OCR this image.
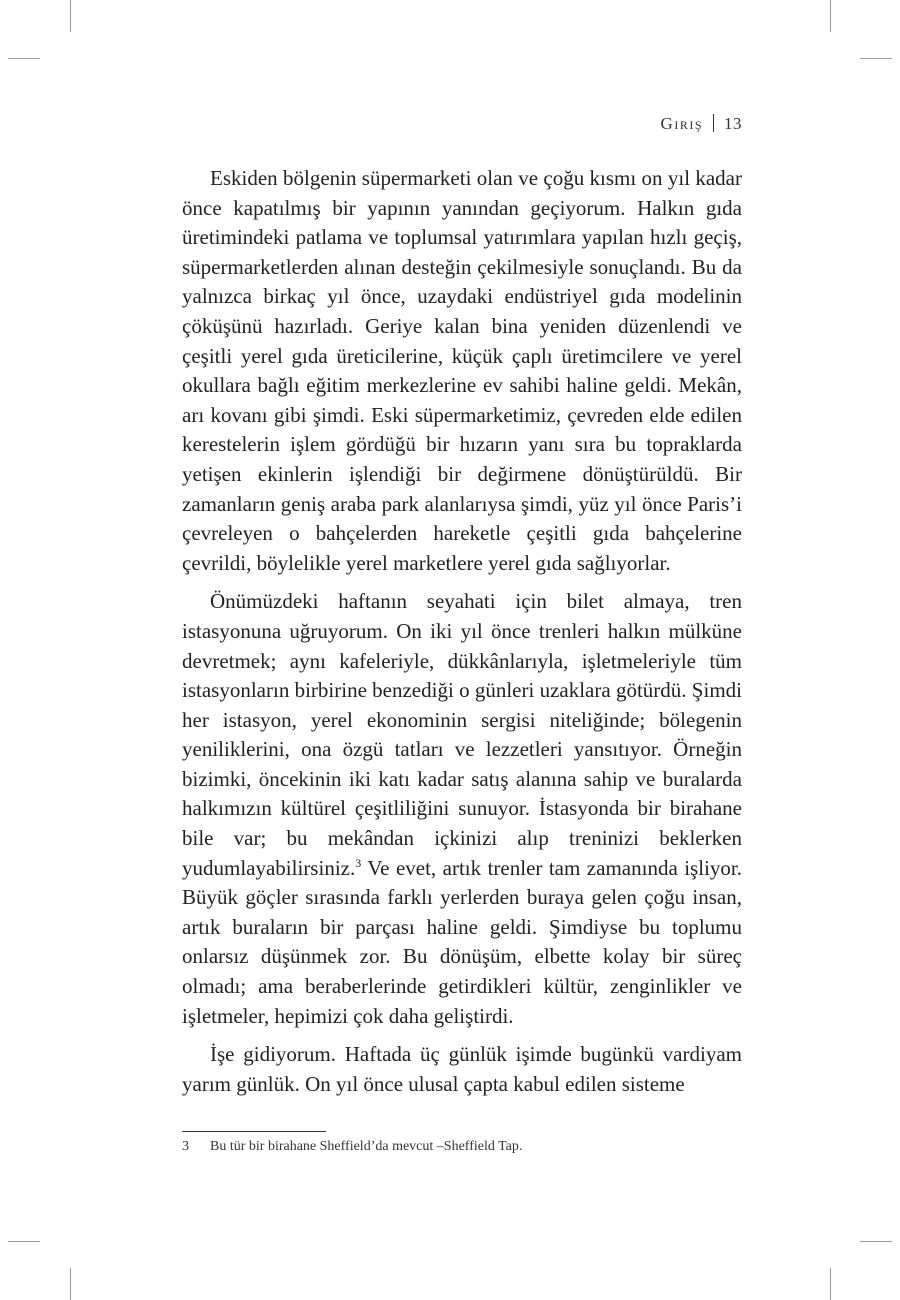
Giriş 13

Eskiden bölgenin süpermarketi olan ve çoğu kısmı on yıl kadar önce kapatılmış bir yapının yanından geçiyorum. Halkın gıda üretimindeki patlama ve toplumsal yatırımlara yapılan hızlı geçiş, süpermarketlerden alınan desteğin çekilmesiyle sonuçlandı. Bu da yalnızca birkaç yıl önce, uzaydaki endüstriyel gıda modelinin çöküşünü hazırladı. Geriye kalan bina yeniden düzenlendi ve çeşitli yerel gıda üreticilerine, küçük çaplı üretimcilere ve yerel okullara bağlı eğitim merkezlerine ev sahibi haline geldi. Mekân, arı kovanı gibi şimdi. Eski süpermarketimiz, çevreden elde edilen kerestelerin işlem gördüğü bir hızarın yanı sıra bu topraklarda yetişen ekinlerin işlendiği bir değirmene dönüştürüldü. Bir zamanların geniş araba park alanlarıysa şimdi, yüz yıl önce Paris’i çevreleyen o bahçelerden hareketle çeşitli gıda bahçelerine çevrildi, böylelikle yerel marketlere yerel gıda sağlıyorlar.

Önümüzdeki haftanın seyahati için bilet almaya, tren istasyonuna uğruyorum. On iki yıl önce trenleri halkın mülküne devretmek; aynı kafeleriyle, dükkânlarıyla, işletmeleriyle tüm istasyonların birbirine benzediği o günleri uzaklara götürdü. Şimdi her istasyon, yerel ekonominin sergisi niteliğinde; bölegenin yeniliklerini, ona özgü tatları ve lezzetleri yansıtıyor. Örneğin bizimki, öncekinin iki katı kadar satış alanına sahip ve buralarda halkımızın kültürel çeşitliliğini sunuyor. İstasyonda bir birahane bile var; bu mekândan içkinizi alıp treninizi beklerken yudumlayabilirsiniz.$^3$ Ve evet, artık trenler tam zamanında işliyor. Büyük göçler sırasında farklı yerlerden buraya gelen çoğu insan, artık buraların bir parçası haline geldi. Şimdiyse bu toplumu onlarsız düşünmek zor. Bu dönüşüm, elbette kolay bir süreç olmadı; ama beraberlerinde getirdikleri kültür, zenginlikler ve işletmeler, hepimizi çok daha geliştirdi.

İşe gidiyorum. Haftada üç günlük işimde bugünkü vardiyam yarım günlük. On yıl önce ulusal çapta kabul edilen sisteme

3 Bu tür bir birahane Sheffield’da mevcut –Sheffield Tap.
